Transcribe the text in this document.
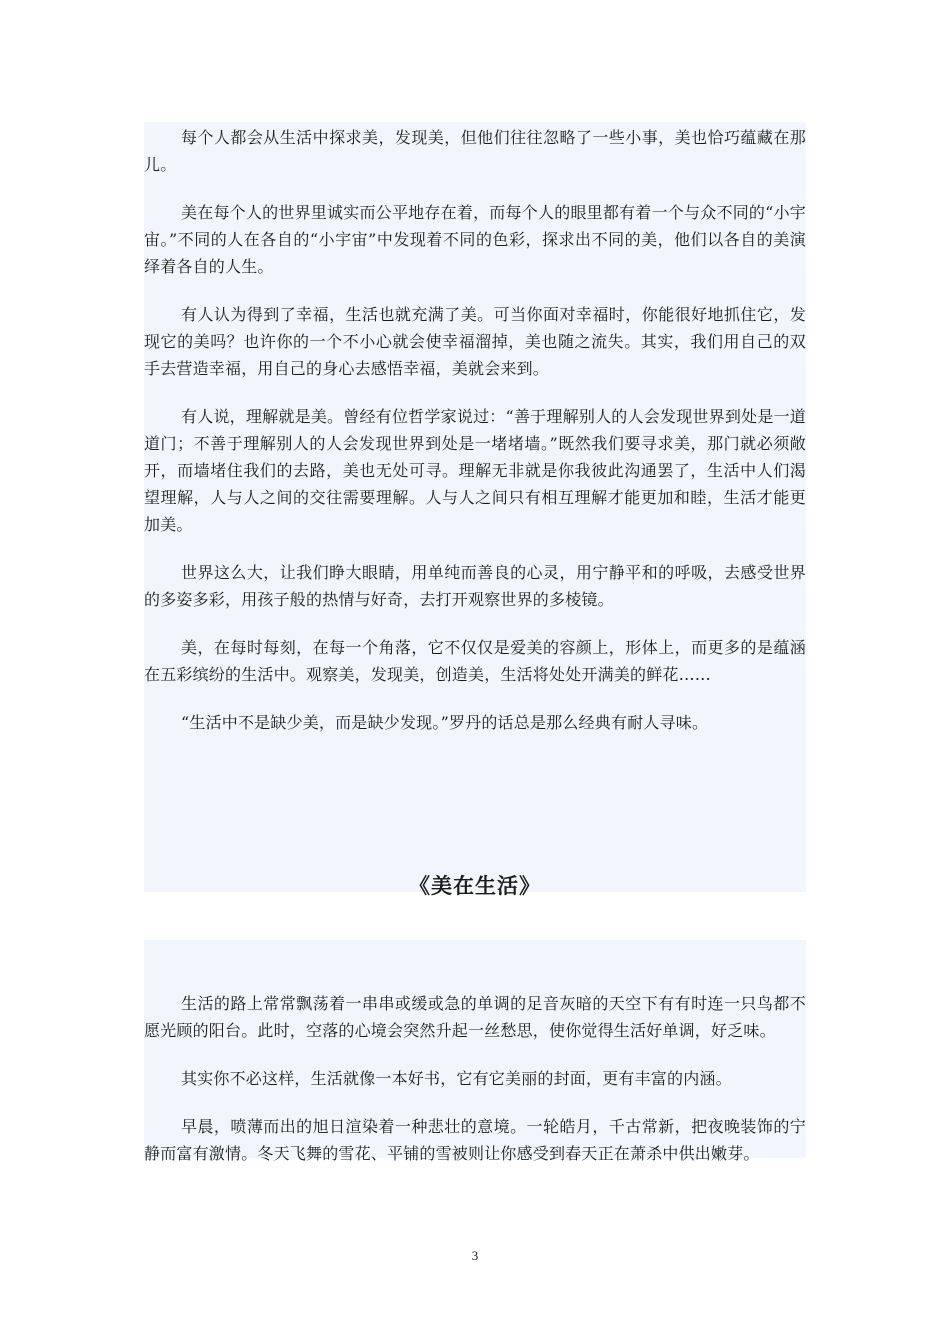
每个人都会从生活中探求美，发现美，但他们往往忽略了一些小事，美也恰巧蕴藏在那儿。

美在每个人的世界里诚实而公平地存在着，而每个人的眼里都有着一个与众不同的“小宇宙。”不同的人在各自的“小宇宙”中发现着不同的色彩，探求出不同的美，他们以各自的美演绎着各自的人生。

有人认为得到了幸福，生活也就充满了美。可当你面对幸福时，你能很好地抓住它，发现它的美吗？也许你的一个不小心就会使幸福溜掉，美也随之流失。其实，我们用自己的双手去营造幸福，用自己的身心去感悟幸福，美就会来到。

有人说，理解就是美。曾经有位哲学家说过：“善于理解别人的人会发现世界到处是一道道门；不善于理解别人的人会发现世界到处是一堵堵墙。”既然我们要寻求美，那门就必须敞开，而墙堵住我们的去路，美也无处可寻。理解无非就是你我彼此沟通罢了，生活中人们渴望理解，人与人之间的交往需要理解。人与人之间只有相互理解才能更加和睦，生活才能更加美。

世界这么大，让我们睁大眼睛，用单纯而善良的心灵，用宁静平和的呼吸，去感受世界的多姿多彩，用孩子般的热情与好奇，去打开观察世界的多棱镜。

美，在每时每刻，在每一个角落，它不仅仅是爱美的容颜上，形体上，而更多的是蕴涵在五彩缤纷的生活中。观察美，发现美，创造美，生活将处处开满美的鲜花……

“生活中不是缺少美，而是缺少发现。”罗丹的话总是那么经典有耐人寻味。

《美在生活》

生活的路上常常飘荡着一串串或缓或急的单调的足音灰暗的天空下有有时连一只鸟都不愿光顾的阳台。此时，空落的心境会突然升起一丝愁思，使你觉得生活好单调，好乏味。

其实你不必这样，生活就像一本好书，它有它美丽的封面，更有丰富的内涵。

早晨，喷薄而出的旭日渲染着一种悲壮的意境。一轮皓月，千古常新，把夜晚装饰的宁静而富有激情。冬天飞舞的雪花、平铺的雪被则让你感受到春天正在萧杀中供出嫩芽。

3
